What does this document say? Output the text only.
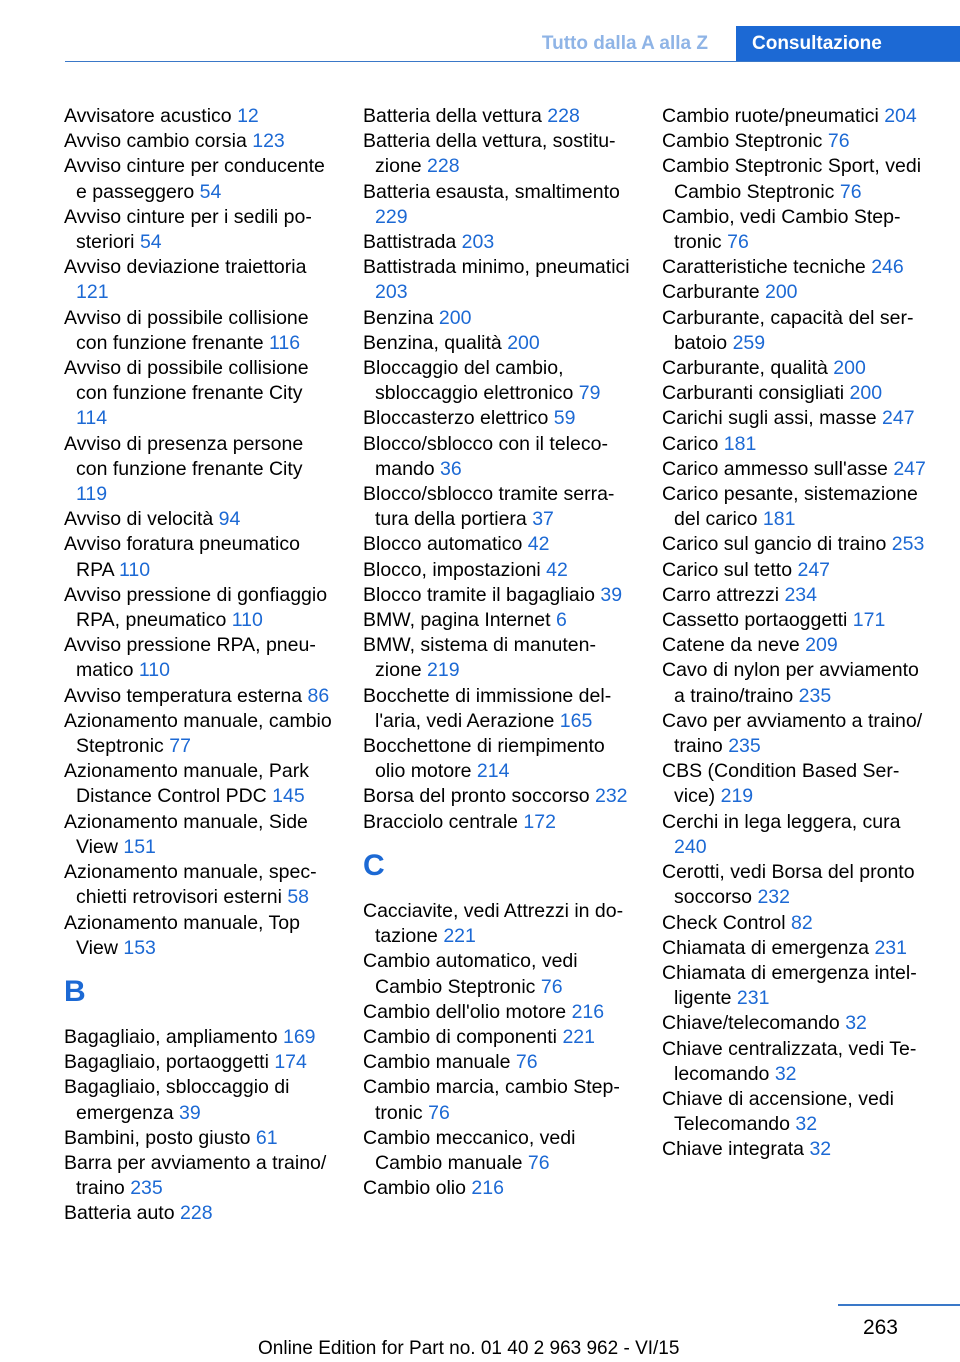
Tutto dalla A alla Z	Consultazione
Avvisatore acustico 12
Avviso cambio corsia 123
Avviso cinture per conducente e passeggero 54
Avviso cinture per i sedili posteriori 54
Avviso deviazione traiettoria 121
Avviso di possibile collisione con funzione frenante 116
Avviso di possibile collisione con funzione frenante City 114
Avviso di presenza persone con funzione frenante City 119
Avviso di velocità 94
Avviso foratura pneumatico RPA 110
Avviso pressione di gonfiaggio RPA, pneumatico 110
Avviso pressione RPA, pneumatico 110
Avviso temperatura esterna 86
Azionamento manuale, cambio Steptronic 77
Azionamento manuale, Park Distance Control PDC 145
Azionamento manuale, Side View 151
Azionamento manuale, specchietti retrovisori esterni 58
Azionamento manuale, Top View 153
B
Bagagliaio, ampliamento 169
Bagagliaio, portaoggetti 174
Bagagliaio, sbloccaggio di emergenza 39
Bambini, posto giusto 61
Barra per avviamento a traino/​traino 235
Batteria auto 228
Batteria della vettura 228
Batteria della vettura, sostituzione 228
Batteria esausta, smaltimento 229
Battistrada 203
Battistrada minimo, pneumatici 203
Benzina 200
Benzina, qualità 200
Bloccaggio del cambio, sbloccaggio elettronico 79
Bloccasterzo elettrico 59
Blocco/sblocco con il telecomando 36
Blocco/sblocco tramite serratura della portiera 37
Blocco automatico 42
Blocco, impostazioni 42
Blocco tramite il bagagliaio 39
BMW, pagina Internet 6
BMW, sistema di manutenzione 219
Bocchette di immissione dell'aria, vedi Aerazione 165
Bocchettone di riempimento olio motore 214
Borsa del pronto soccorso 232
Bracciolo centrale 172
C
Cacciavite, vedi Attrezzi in dotazione 221
Cambio automatico, vedi Cambio Steptronic 76
Cambio dell'olio motore 216
Cambio di componenti 221
Cambio manuale 76
Cambio marcia, cambio Steptronic 76
Cambio meccanico, vedi Cambio manuale 76
Cambio olio 216
Cambio ruote/pneumatici 204
Cambio Steptronic 76
Cambio Steptronic Sport, vedi Cambio Steptronic 76
Cambio, vedi Cambio Steptronic 76
Caratteristiche tecniche 246
Carburante 200
Carburante, capacità del serbatoio 259
Carburante, qualità 200
Carburanti consigliati 200
Carichi sugli assi, masse 247
Carico 181
Carico ammesso sull'asse 247
Carico pesante, sistemazione del carico 181
Carico sul gancio di traino 253
Carico sul tetto 247
Carro attrezzi 234
Cassetto portaoggetti 171
Catene da neve 209
Cavo di nylon per avviamento a traino/traino 235
Cavo per avviamento a traino/​traino 235
CBS (Condition Based Service) 219
Cerchi in lega leggera, cura 240
Cerotti, vedi Borsa del pronto soccorso 232
Check Control 82
Chiamata di emergenza 231
Chiamata di emergenza intelligente 231
Chiave/telecomando 32
Chiave centralizzata, vedi Telecomando 32
Chiave di accensione, vedi Telecomando 32
Chiave integrata 32
263
Online Edition for Part no. 01 40 2 963 962 - VI/15
